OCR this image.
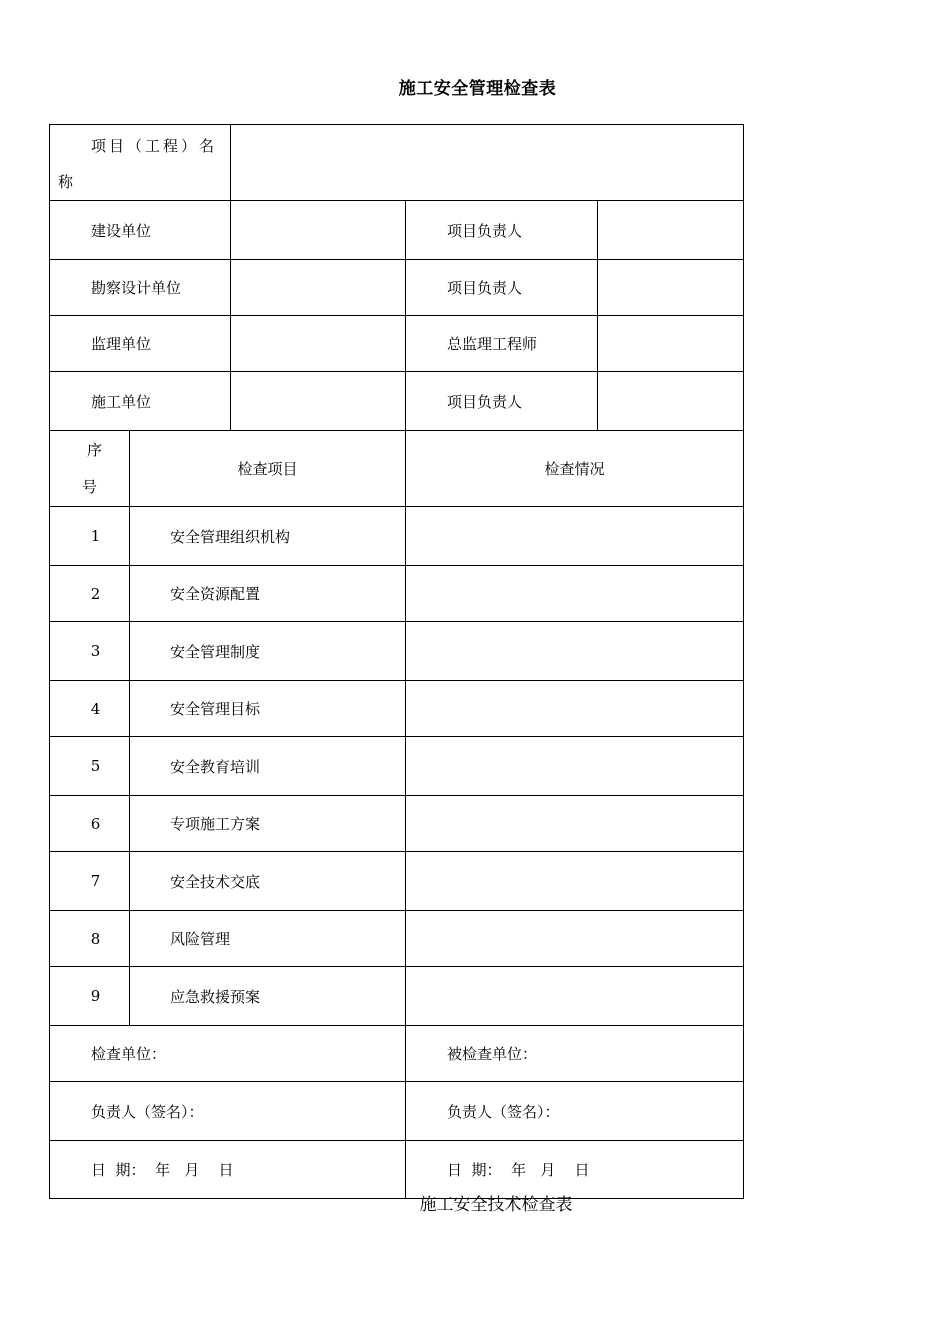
施工安全管理检查表
项目（工程）名
称				

建设单位			项目负责人	
勘察设计单位			项目负责人	
监理单位			总监理工程师	
施工单位			项目负责人	

序
号	检查项目		检查情况	
1	安全管理组织机构			
2	安全资源配置			
3	安全管理制度			
4	安全管理目标			
5	安全教育培训			
6	专项施工方案			
7	安全技术交底			
8	风险管理			
9	应急救援预案			
检查单位：			被检查单位：	
负责人（签名）：			负责人（签名）：	
日  期：  年   月    日			日  期：  年   月    日	
施工安全技术检查表
